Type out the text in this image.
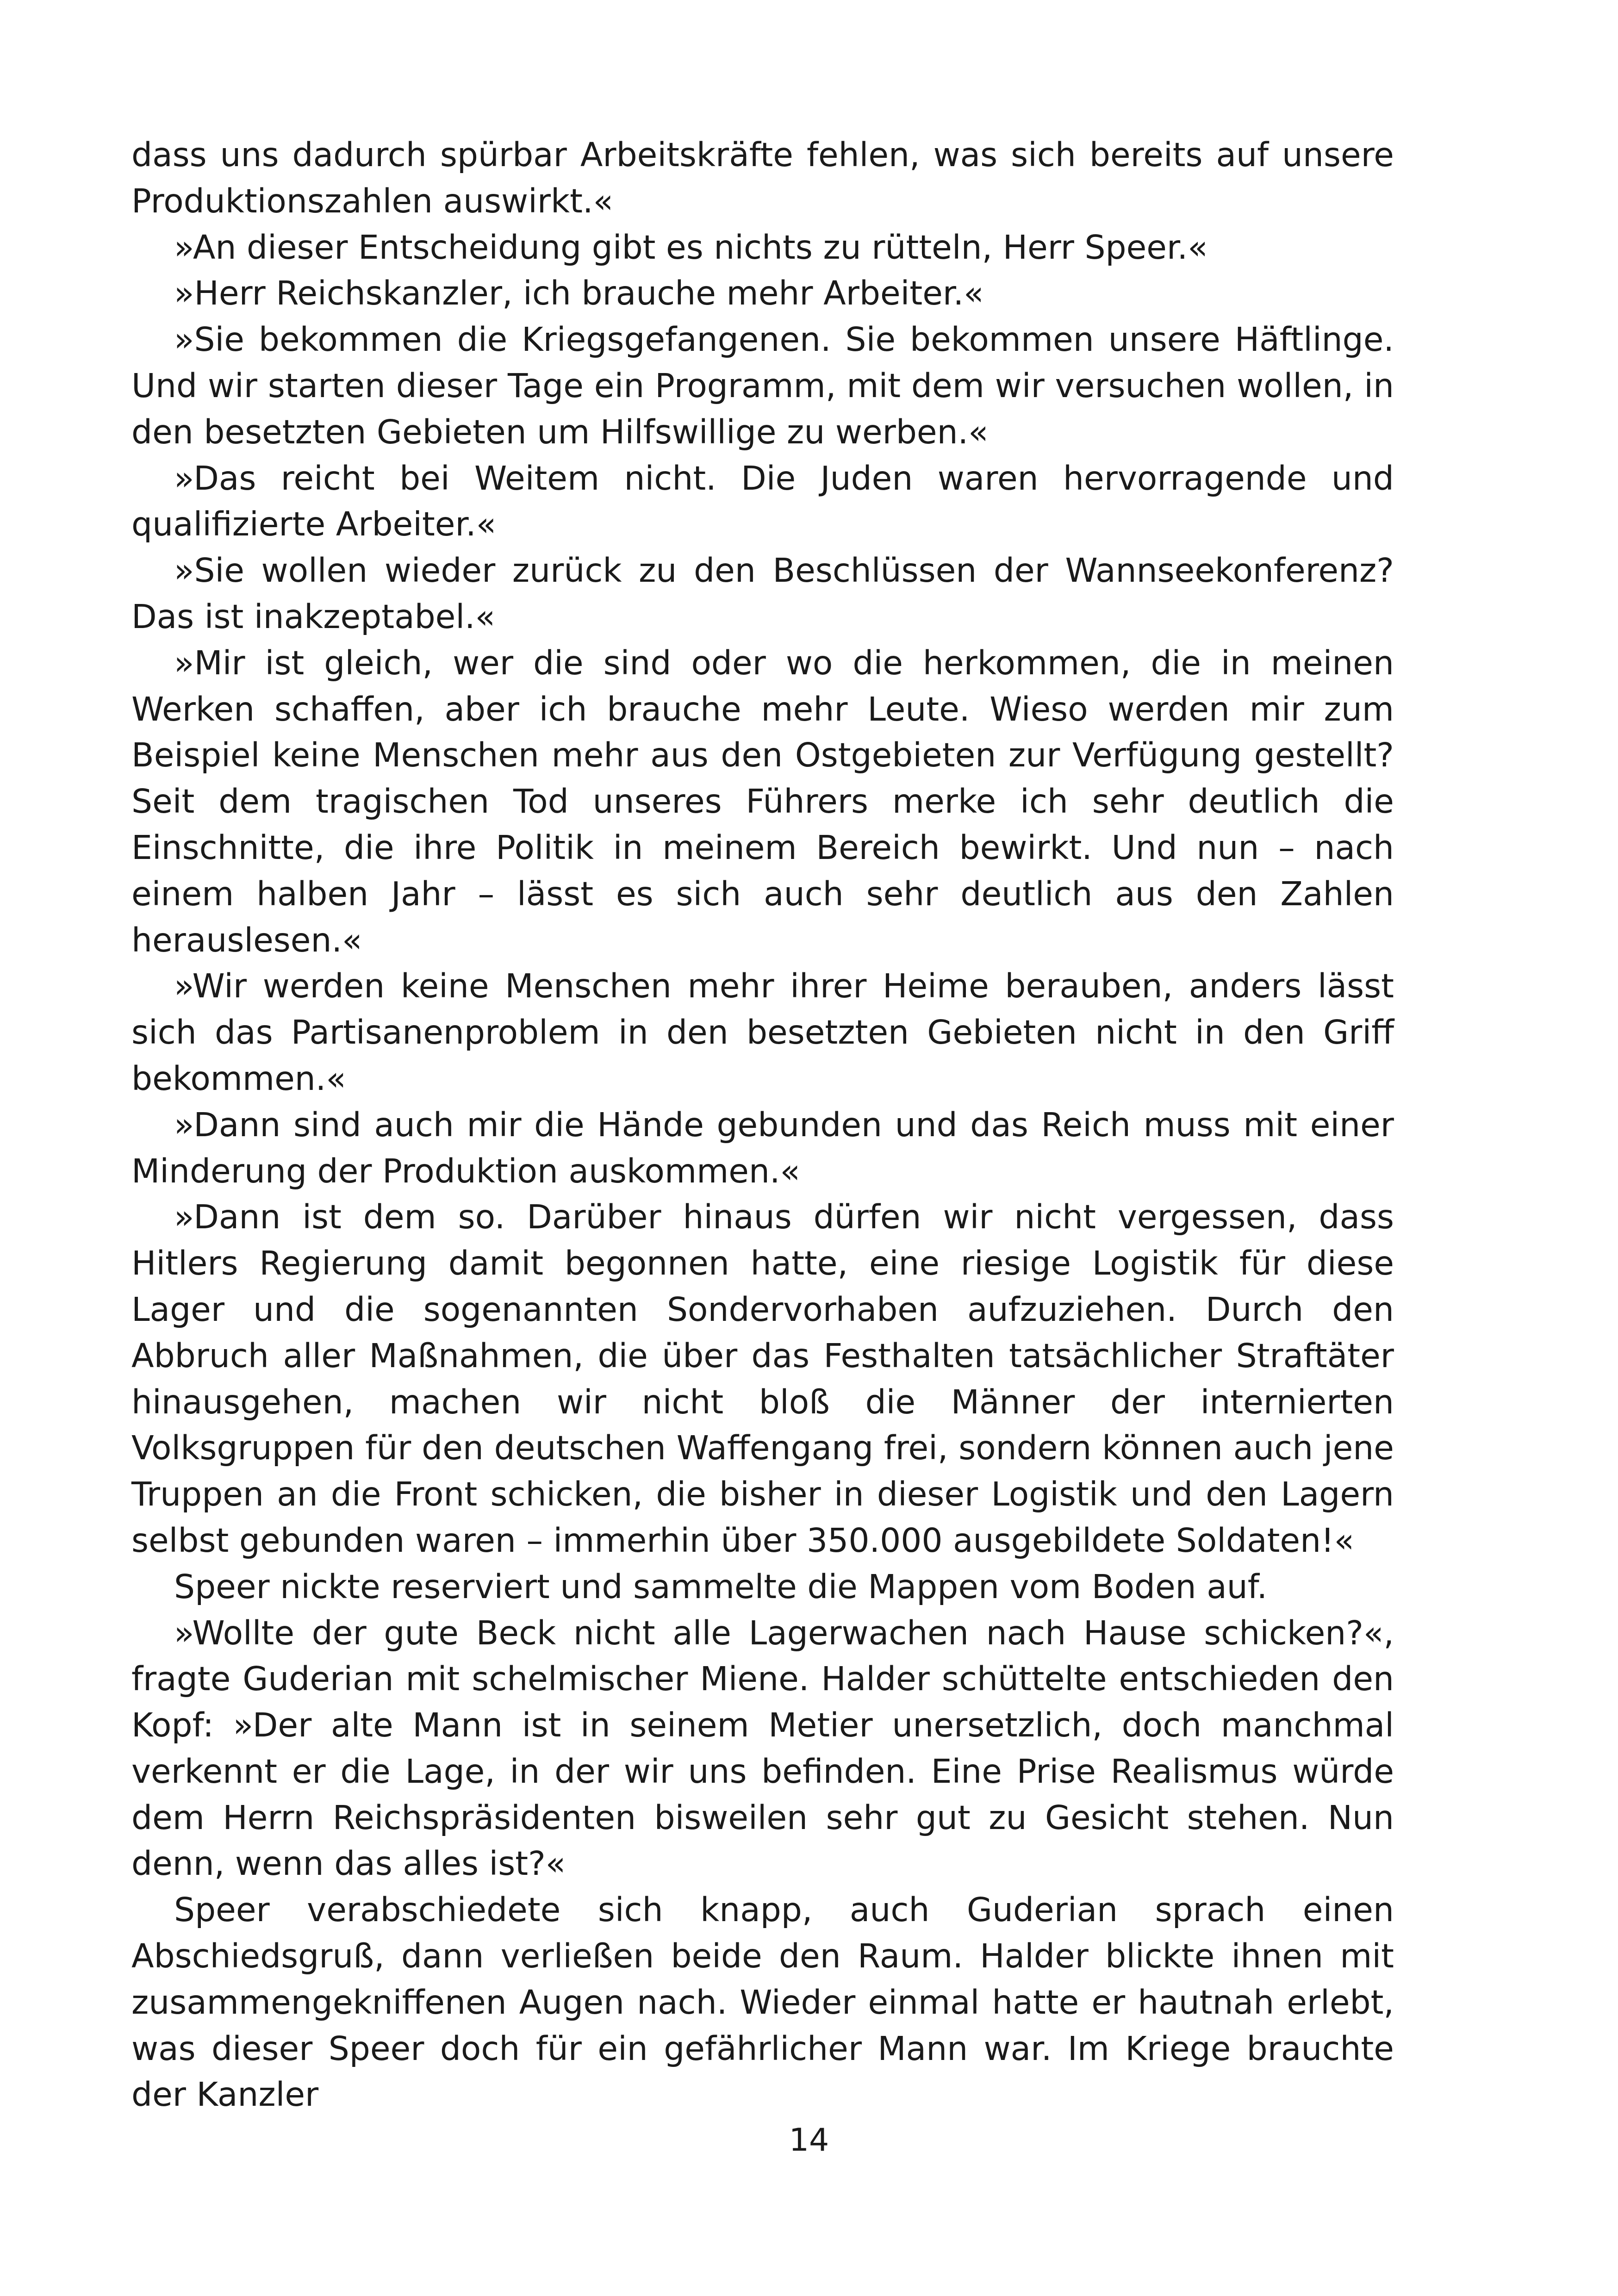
dass uns dadurch spürbar Arbeitskräfte fehlen, was sich bereits auf unsere Produktionszahlen auswirkt.«

»An dieser Entscheidung gibt es nichts zu rütteln, Herr Speer.«

»Herr Reichskanzler, ich brauche mehr Arbeiter.«

»Sie bekommen die Kriegsgefangenen. Sie bekommen unsere Häftlinge. Und wir starten dieser Tage ein Programm, mit dem wir versuchen wollen, in den besetzten Gebieten um Hilfswillige zu werben.«

»Das reicht bei Weitem nicht. Die Juden waren hervorragende und qualifizierte Arbeiter.«

»Sie wollen wieder zurück zu den Beschlüssen der Wannseekonferenz? Das ist inakzeptabel.«

»Mir ist gleich, wer die sind oder wo die herkommen, die in meinen Werken schaffen, aber ich brauche mehr Leute. Wieso werden mir zum Beispiel keine Menschen mehr aus den Ostgebieten zur Verfügung gestellt? Seit dem tragischen Tod unseres Führers merke ich sehr deutlich die Einschnitte, die ihre Politik in meinem Bereich bewirkt. Und nun – nach einem halben Jahr – lässt es sich auch sehr deutlich aus den Zahlen herauslesen.«

»Wir werden keine Menschen mehr ihrer Heime berauben, anders lässt sich das Partisanenproblem in den besetzten Gebieten nicht in den Griff bekommen.«

»Dann sind auch mir die Hände gebunden und das Reich muss mit einer Minderung der Produktion auskommen.«

»Dann ist dem so. Darüber hinaus dürfen wir nicht vergessen, dass Hitlers Regierung damit begonnen hatte, eine riesige Logistik für diese Lager und die sogenannten Sondervorhaben aufzuziehen. Durch den Abbruch aller Maßnahmen, die über das Festhalten tatsächlicher Straftäter hinausgehen, machen wir nicht bloß die Männer der internierten Volksgruppen für den deutschen Waffengang frei, sondern können auch jene Truppen an die Front schicken, die bisher in dieser Logistik und den Lagern selbst gebunden waren – immerhin über 350.000 ausgebildete Soldaten!«

Speer nickte reserviert und sammelte die Mappen vom Boden auf.

»Wollte der gute Beck nicht alle Lagerwachen nach Hause schicken?«, fragte Guderian mit schelmischer Miene. Halder schüttelte entschieden den Kopf: »Der alte Mann ist in seinem Metier unersetzlich, doch manchmal verkennt er die Lage, in der wir uns befinden. Eine Prise Realismus würde dem Herrn Reichspräsidenten bisweilen sehr gut zu Gesicht stehen. Nun denn, wenn das alles ist?«

Speer verabschiedete sich knapp, auch Guderian sprach einen Abschiedsgruß, dann verließen beide den Raum. Halder blickte ihnen mit zusammengekniffenen Augen nach. Wieder einmal hatte er hautnah erlebt, was dieser Speer doch für ein gefährlicher Mann war. Im Kriege brauchte der Kanzler

14
